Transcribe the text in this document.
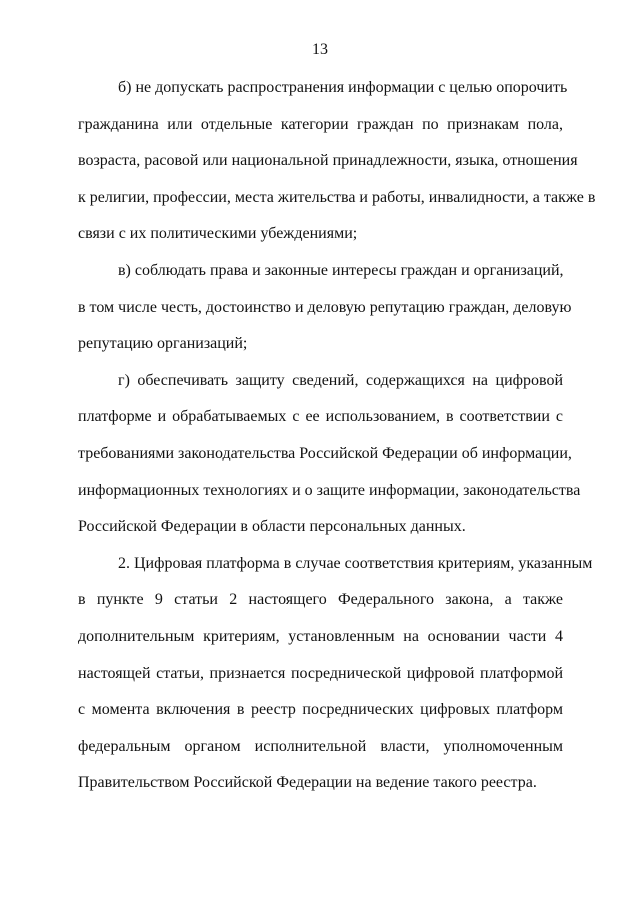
13

б) не допускать распространения информации с целью опорочить
гражданина или отдельные категории граждан по признакам пола,
возраста, расовой или национальной принадлежности, языка, отношения
к религии, профессии, места жительства и работы, инвалидности, а также в
связи с их политическими убеждениями;

в) соблюдать права и законные интересы граждан и организаций,
в том числе честь, достоинство и деловую репутацию граждан, деловую
репутацию организаций;

г) обеспечивать защиту сведений, содержащихся на цифровой
платформе и обрабатываемых с ее использованием, в соответствии с
требованиями законодательства Российской Федерации об информации,
информационных технологиях и о защите информации, законодательства
Российской Федерации в области персональных данных.

2. Цифровая платформа в случае соответствия критериям, указанным
в пункте 9 статьи 2 настоящего Федерального закона, а также
дополнительным критериям, установленным на основании части 4
настоящей статьи, признается посреднической цифровой платформой
с момента включения в реестр посреднических цифровых платформ
федеральным органом исполнительной власти, уполномоченным
Правительством Российской Федерации на ведение такого реестра.
